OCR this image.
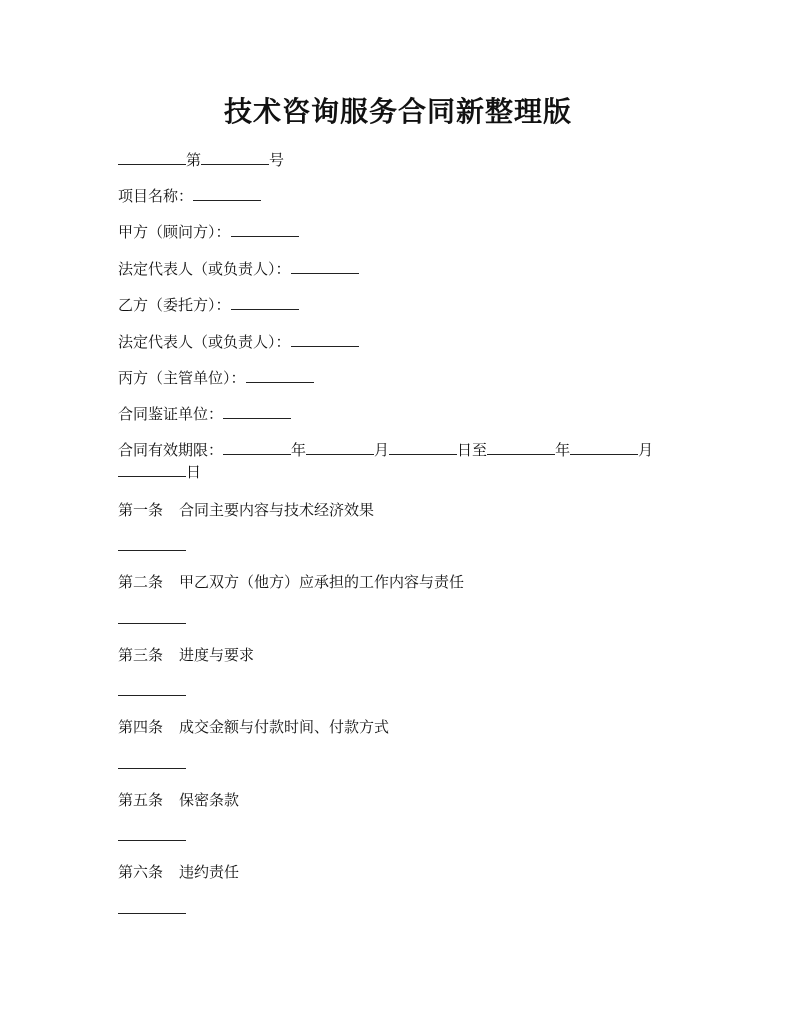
技术咨询服务合同新整理版
第	号
项目名称：
甲方（顾问方）：
法定代表人（或负责人）：
乙方（委托方）：
法定代表人（或负责人）：
丙方（主管单位）：
合同鉴证单位：
合同有效期限：	年	月	日至	年	月日
第一条 合同主要内容与技术经济效果
第二条 甲乙双方（他方）应承担的工作内容与责任
第三条 进度与要求
第四条 成交金额与付款时间、付款方式
第五条 保密条款
第六条 违约责任
